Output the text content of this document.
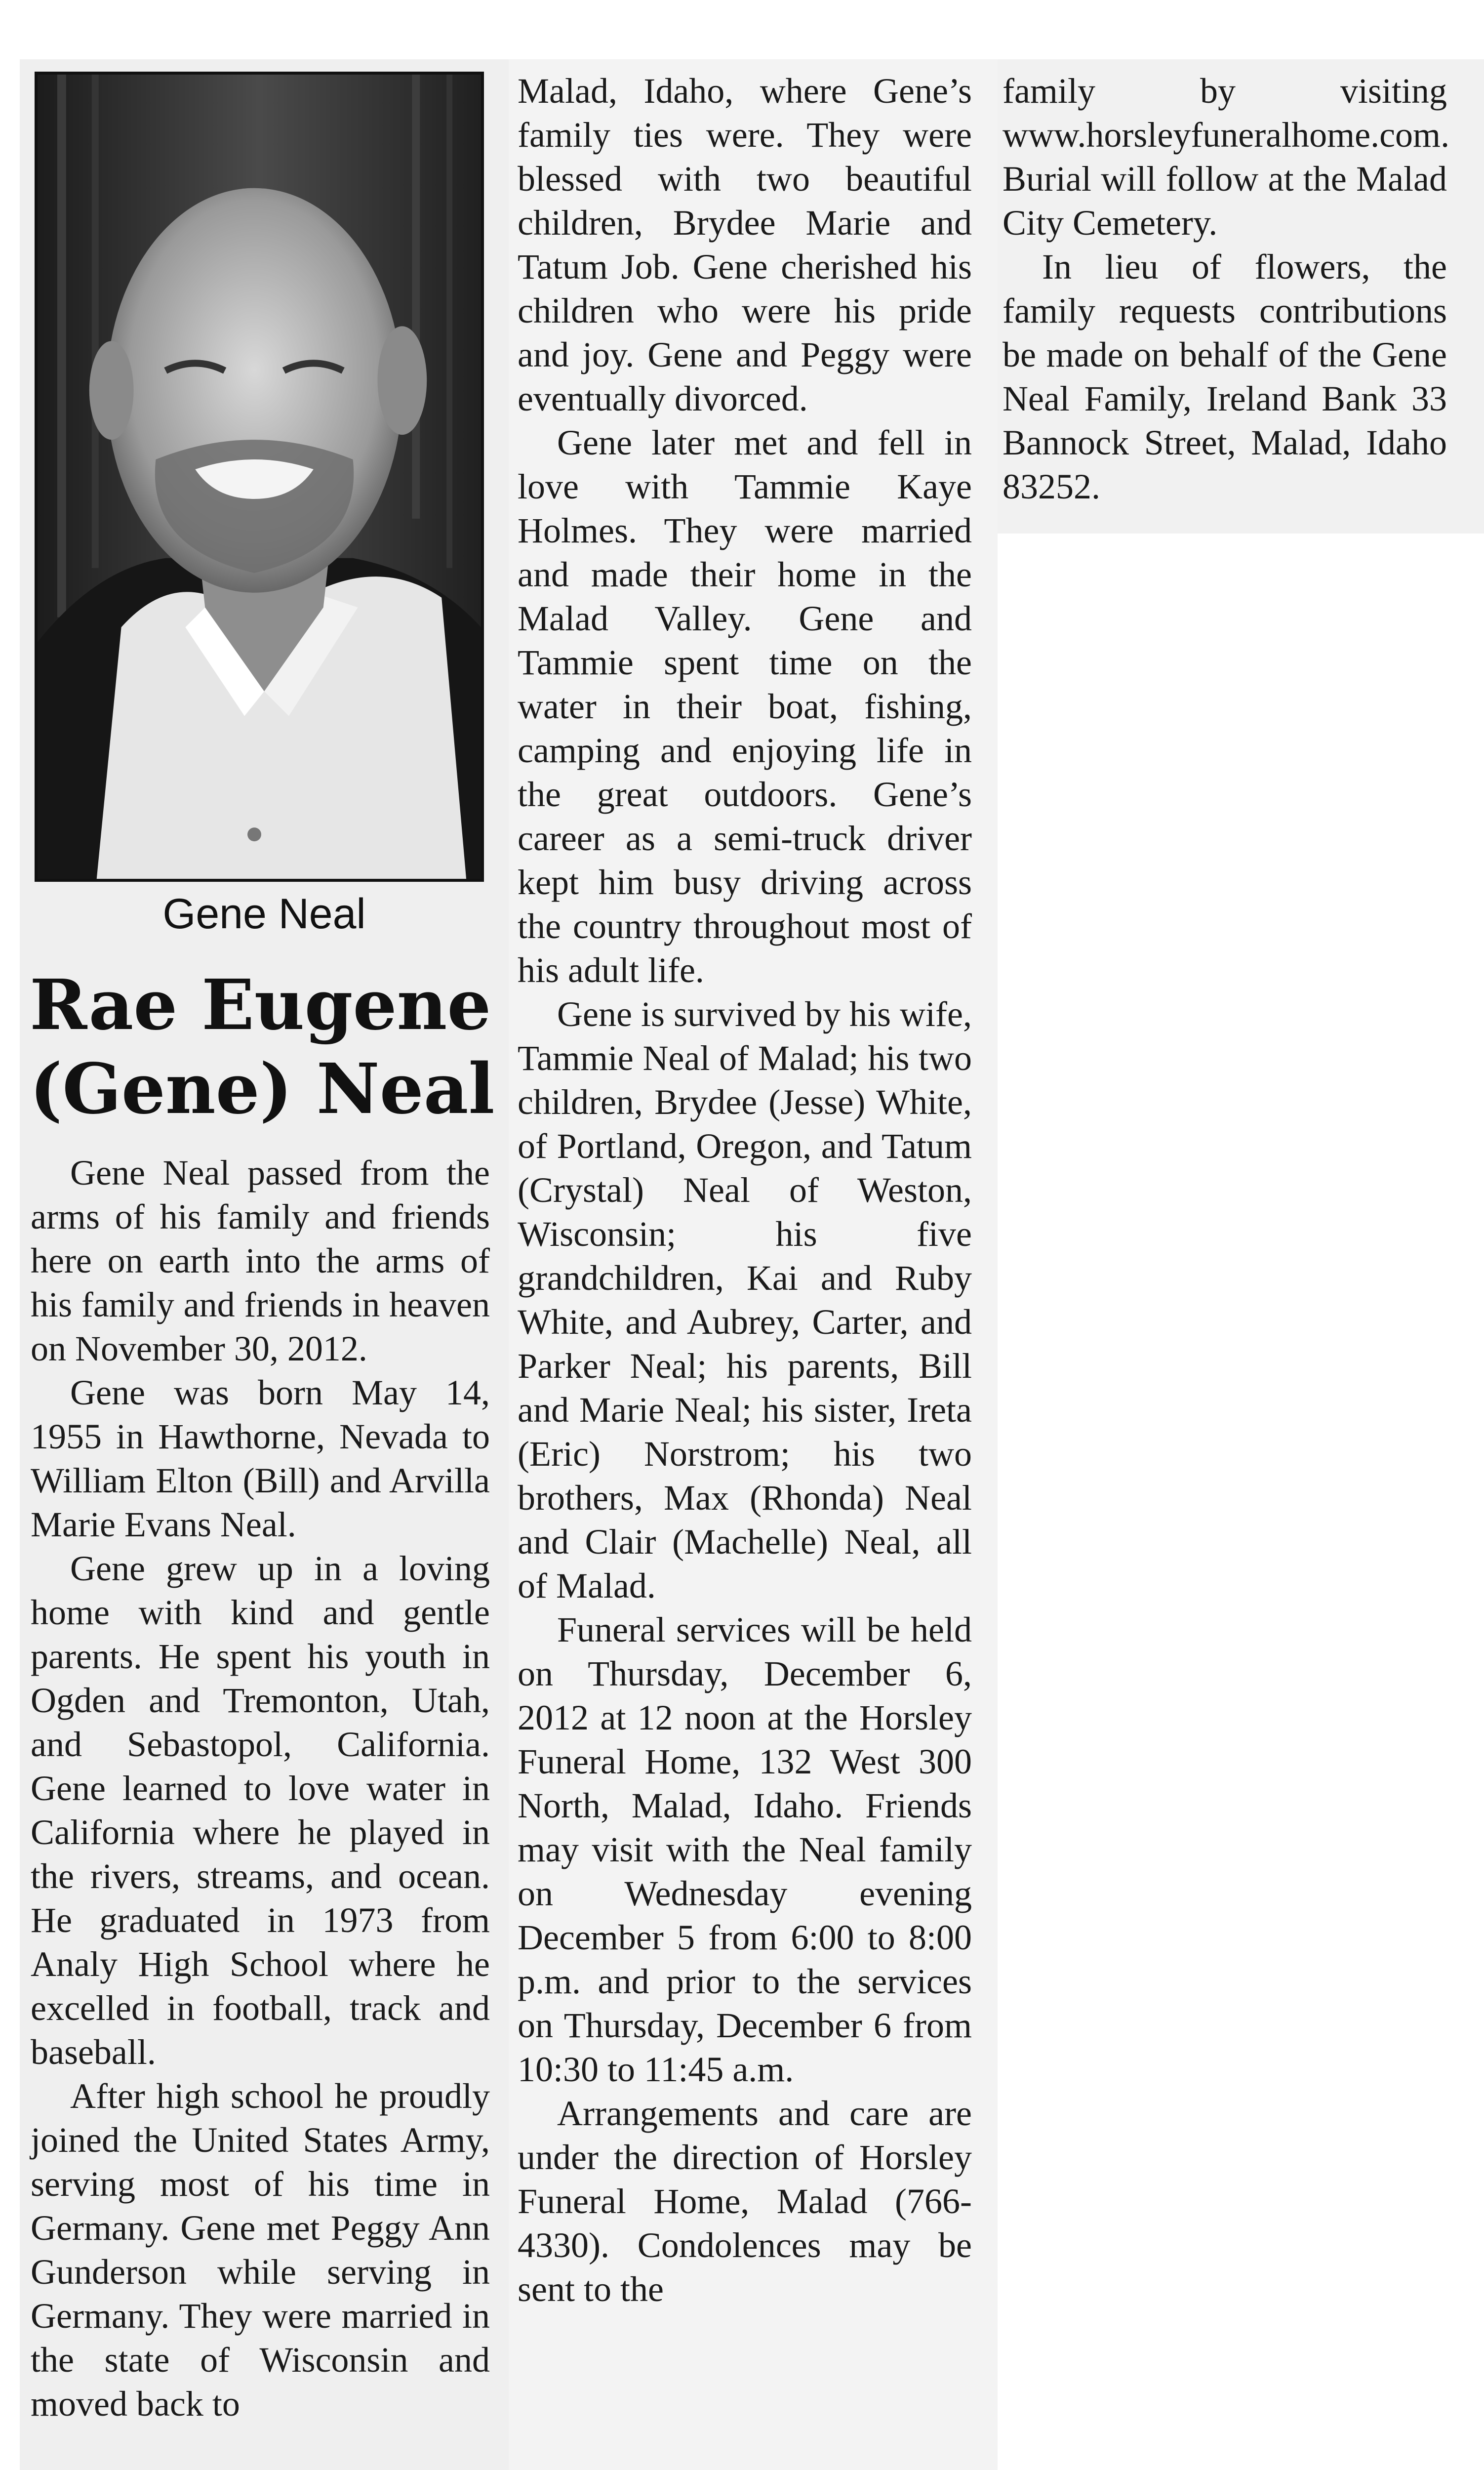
Gene Neal
Rae Eugene
(Gene) Neal

Gene Neal passed from the arms of his family and friends here on earth into the arms of his family and friends in heaven on November 30, 2012.

Gene was born May 14, 1955 in Hawthorne, Nevada to William Elton (Bill) and Arvilla Marie Evans Neal.

Gene grew up in a loving home with kind and gentle parents. He spent his youth in Ogden and Tremonton, Utah, and Sebastopol, California. Gene learned to love water in California where he played in the rivers, streams, and ocean. He graduated in 1973 from Analy High School where he excelled in football, track and baseball.

After high school he proudly joined the United States Army, serving most of his time in Germany. Gene met Peggy Ann Gunderson while serving in Germany. They were married in the state of Wisconsin and moved back to

Malad, Idaho, where Gene’s family ties were. They were blessed with two beautiful children, Brydee Marie and Tatum Job. Gene cherished his children who were his pride and joy. Gene and Peggy were eventually divorced.

Gene later met and fell in love with Tammie Kaye Holmes. They were married and made their home in the Malad Valley. Gene and Tammie spent time on the water in their boat, fishing, camping and enjoying life in the great outdoors. Gene’s career as a semi-truck driver kept him busy driving across the country throughout most of his adult life.

Gene is survived by his wife, Tammie Neal of Malad; his two children, Brydee (Jesse) White, of Portland, Oregon, and Tatum (Crystal) Neal of Weston, Wisconsin; his five grandchildren, Kai and Ruby White, and Aubrey, Carter, and Parker Neal; his parents, Bill and Marie Neal; his sister, Ireta (Eric) Norstrom; his two brothers, Max (Rhonda) Neal and Clair (Machelle) Neal, all of Malad.

Funeral services will be held on Thursday, December 6, 2012 at 12 noon at the Horsley Funeral Home, 132 West 300 North, Malad, Idaho. Friends may visit with the Neal family on Wednesday evening December 5 from 6:00 to 8:00 p.m. and prior to the services on Thursday, December 6 from 10:30 to 11:45 a.m.

Arrangements and care are under the direction of Horsley Funeral Home, Malad (766-4330). Condolences may be sent to the

family by visiting www.horsleyfuneralhome.com. Burial will follow at the Malad City Cemetery.

In lieu of flowers, the family requests contributions be made on behalf of the Gene Neal Family, Ireland Bank 33 Bannock Street, Malad, Idaho 83252.
